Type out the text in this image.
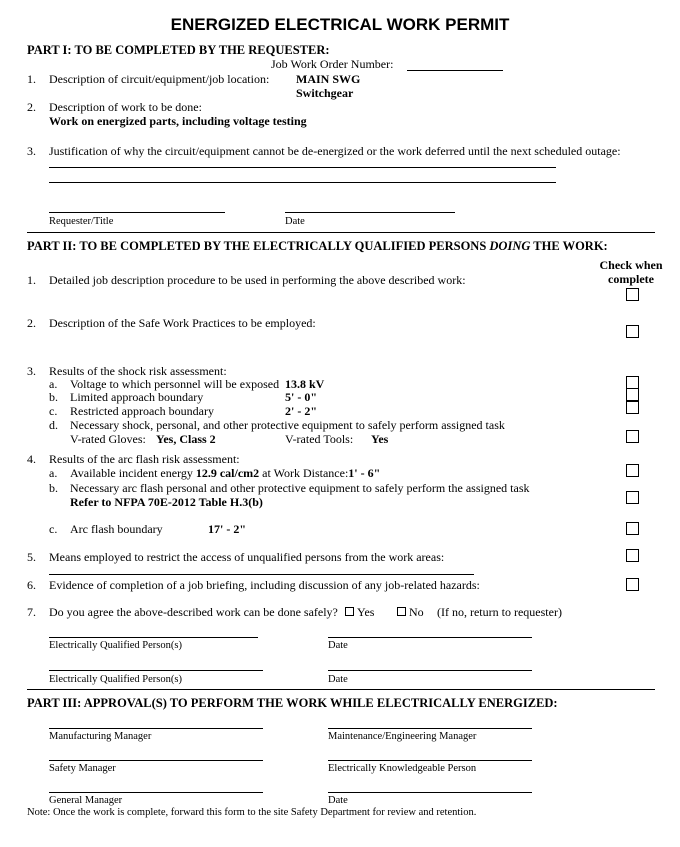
ENERGIZED ELECTRICAL WORK PERMIT
PART I: TO BE COMPLETED BY THE REQUESTER:
Job Work Order Number:
1. Description of circuit/equipment/job location: MAIN SWG
Switchgear
2. Description of work to be done:
Work on energized parts, including voltage testing
3. Justification of why the circuit/equipment cannot be de-energized or the work deferred until the next scheduled outage:
Requester/Title	Date
PART II: TO BE COMPLETED BY THE ELECTRICALLY QUALIFIED PERSONS DOING THE WORK:
Check when
complete
1. Detailed job description procedure to be used in performing the above described work:
2. Description of the Safe Work Practices to be employed:
3. Results of the shock risk assessment:
a. Voltage to which personnel will be exposed 13.8 kV
b. Limited approach boundary	5' - 0"
c. Restricted approach boundary	2' - 2"
d. Necessary shock, personal, and other protective equipment to safely perform assigned task
V-rated Gloves: Yes, Class 2	V-rated Tools: Yes
4. Results of the arc flash risk assessment:
a. Available incident energy 12.9 cal/cm2 at Work Distance:1' - 6"
b. Necessary arc flash personal and other protective equipment to safely perform the assigned task
Refer to NFPA 70E-2012 Table H.3(b)
c. Arc flash boundary	17' - 2"
5. Means employed to restrict the access of unqualified persons from the work areas:
6. Evidence of completion of a job briefing, including discussion of any job-related hazards:
7. Do you agree the above-described work can be done safely?	Yes	No (If no, return to requester)
Electrically Qualified Person(s)	Date
Electrically Qualified Person(s)	Date
PART III: APPROVAL(S) TO PERFORM THE WORK WHILE ELECTRICALLY ENERGIZED:
Manufacturing Manager	Maintenance/Engineering Manager
Safety Manager	Electrically Knowledgeable Person
General Manager	Date
Note: Once the work is complete, forward this form to the site Safety Department for review and retention.
